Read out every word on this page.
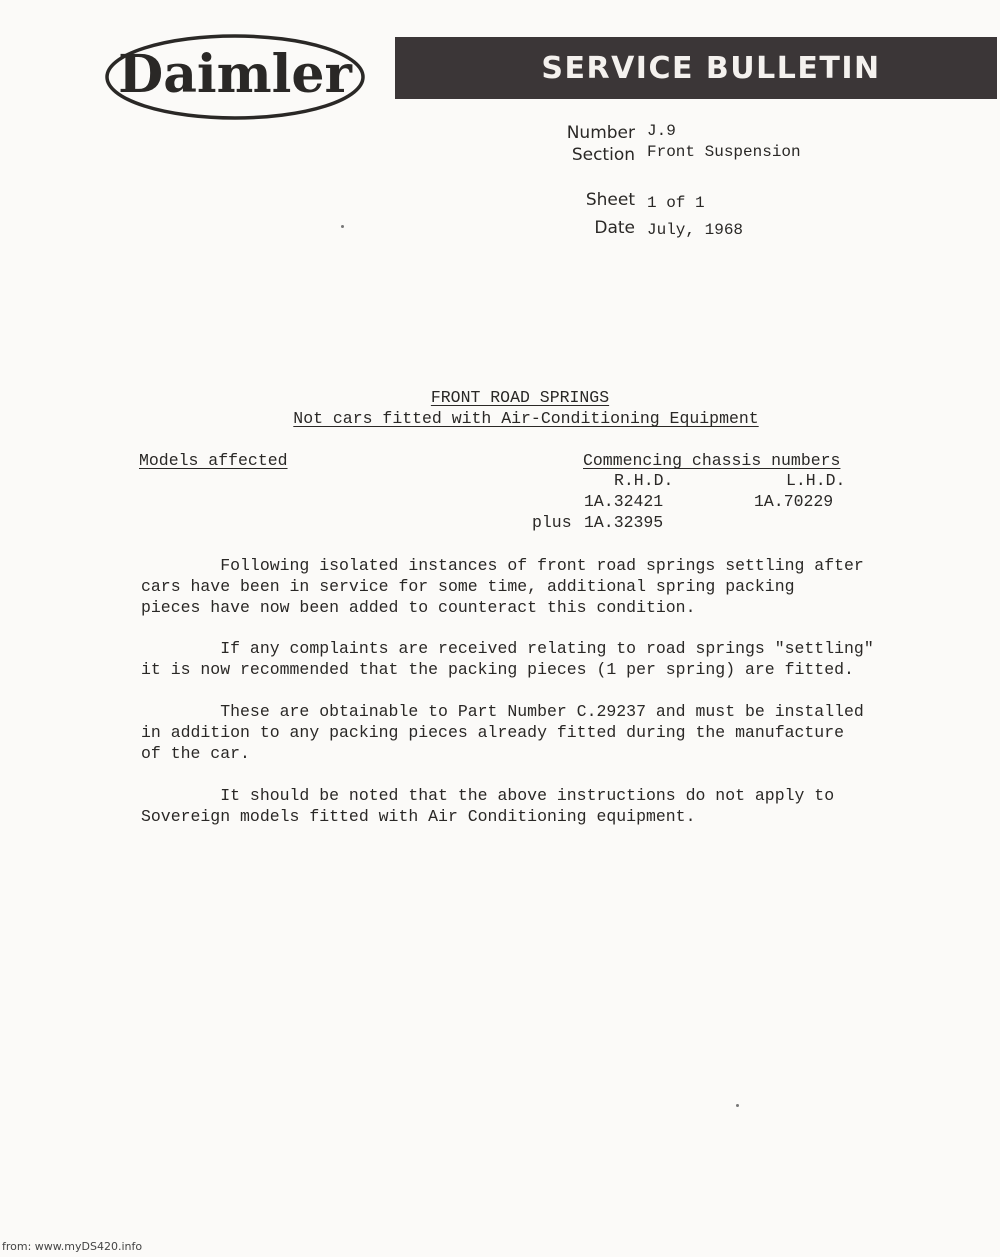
Daimler	SERVICE BULLETIN
Number J.9
Section Front Suspension
Sheet 1 of 1
Date July, 1968
FRONT ROAD SPRINGS
Not cars fitted with Air-Conditioning Equipment
Models affected	Commencing chassis numbers
R.H.D.	L.H.D.
1A.32421	1A.70229
plus 1A.32395
Following isolated instances of front road springs settling after
cars have been in service for some time, additional spring packing
pieces have now been added to counteract this condition.
If any complaints are received relating to road springs "settling"
it is now recommended that the packing pieces (1 per spring) are fitted.
These are obtainable to Part Number C.29237 and must be installed
in addition to any packing pieces already fitted during the manufacture
of the car.
It should be noted that the above instructions do not apply to
Sovereign models fitted with Air Conditioning equipment.
from: www.myDS420.info
